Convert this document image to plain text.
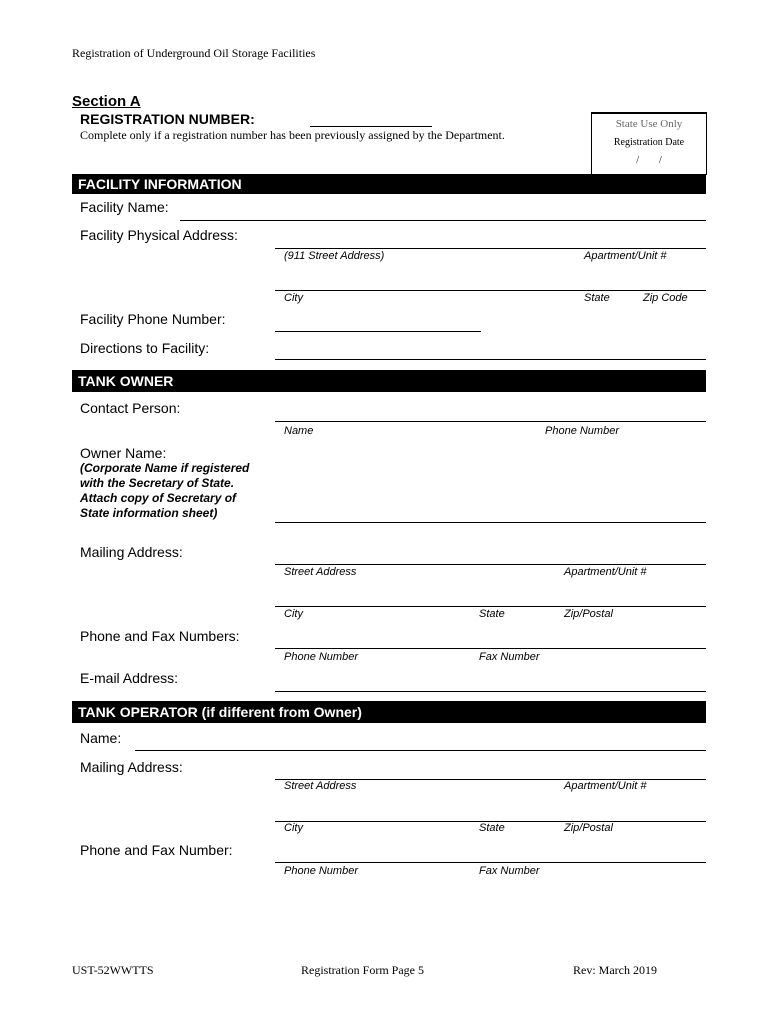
Registration of Underground Oil Storage Facilities
Section A
REGISTRATION NUMBER:
Complete only if a registration number has been previously assigned by the Department.
State Use Only
Registration Date
/        /
FACILITY INFORMATION
Facility Name:
Facility Physical Address:
(911 Street Address)	Apartment/Unit #
City	State	Zip Code
Facility Phone Number:
Directions to Facility:
TANK OWNER
Contact Person:
Name	Phone Number
Owner Name:
(Corporate Name if registered
with the Secretary of State.
Attach copy of Secretary of
State information sheet)
Mailing Address:
Street Address	Apartment/Unit #
City	State	Zip/Postal
Phone and Fax Numbers:
Phone Number	Fax Number
E-mail Address:
TANK OPERATOR (if different from Owner)
Name:
Mailing Address:
Street Address	Apartment/Unit #
City	State	Zip/Postal
Phone and Fax Number:
Phone Number	Fax Number
UST-52WWTTS	Registration Form Page 5	Rev: March 2019
